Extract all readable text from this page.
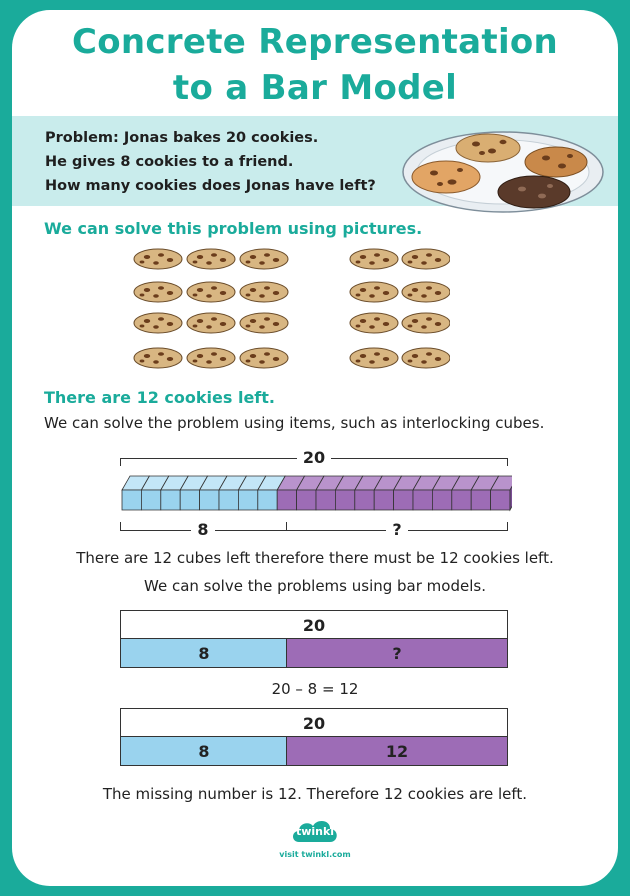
Concrete Representation
to a Bar Model
Problem: Jonas bakes 20 cookies.
He gives 8 cookies to a friend.
How many cookies does Jonas have left?
We can solve this problem using pictures.
There are 12 cookies left.
We can solve the problem using items, such as interlocking cubes.
20
8	?
There are 12 cubes left therefore there must be 12 cookies left.
We can solve the problems using bar models.
20
8	?
20 – 8 = 12
20
8	12
The missing number is 12. Therefore 12 cookies are left.
twinkl
visit twinkl.com
